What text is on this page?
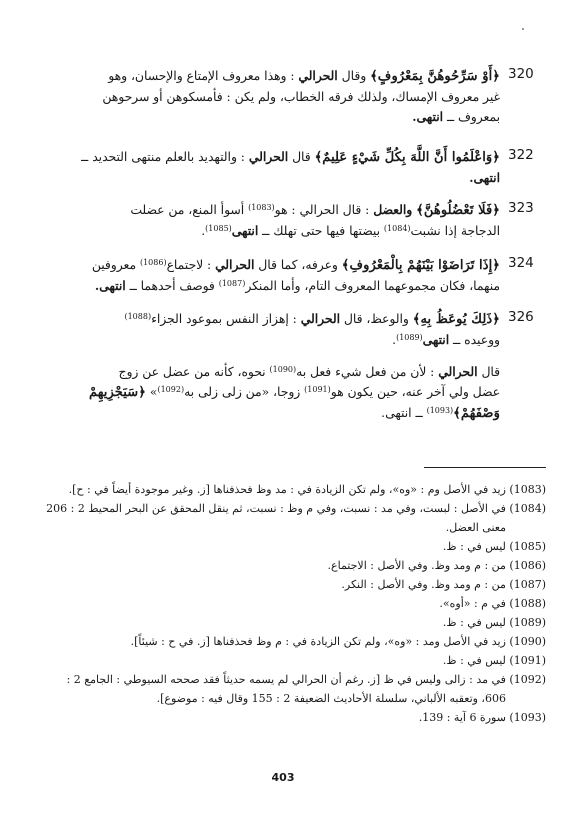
320
﴿أَوْ سَرِّحُوهُنَّ بِمَعْرُوفٍ﴾ وقال الحرالي : وهذا معروف الإمتاع والإحسان، وهو
غير معروف الإمساك، ولذلك فرقه الخطاب، ولم يكن : فأمسكوهن أو سرحوهن
بمعروف ــ انتهى.
322
﴿وَاعْلَمُوا أَنَّ اللَّهَ بِكُلِّ شَيْءٍ عَلِيمٌ﴾ قال الحرالي : والتهديد بالعلم منتهى التحديد ــ
انتهى.
323
﴿فَلَا تَعْضُلُوهُنَّ﴾ والعضل : قال الحرالي : هو$^{(1083)}$ أسوأ المنع، من عضلت
الدجاجة إذا نشبت$^{(1084)}$ بيضتها فيها حتى تهلك ــ انتهى$^{(1085)}$.
324
﴿إِذَا تَرَاضَوْا بَيْنَهُمْ بِالْمَعْرُوفِ﴾ وعرفه، كما قال الحرالي : لاجتماع$^{(1086)}$ معروفين
منهما، فكان مجموعهما المعروف التام، وأما المنكر$^{(1087)}$ فوصف أحدهما ــ انتهى.
326
﴿ذَلِكَ يُوعَظُ بِهِ﴾ والوعظ، قال الحرالي : إهزاز النفس بموعود الجزاء$^{(1088)}$
ووعيده ــ انتهى$^{(1089)}$.
قال الحرالي : لأن من فعل شيء فعل به$^{(1090)}$ نحوه، كأنه من عضل عن زوج
عضل ولي آخر عنه، حين يكون هو$^{(1091)}$ زوجا، «من زلى زلى به$^{(1092)}$» ﴿سَيَجْزِيهِمْ
وَصْفَهُمْ﴾$^{(1093)}$ ــ انتهى.
(1083) زيد في الأصل وم : «وه»، ولم تكن الزيادة في : مد وظ فحذفناها [ز. وغير موجودة أيضاً في : ح].
(1084) في الأصل : لبست، وفي مد : نسبت، وفي م وظ : نسبت، ثم ينقل المحقق عن البحر المحيط 2 : 206
معنى العضل.
(1085) ليس في : ظ.
(1086) من : م ومد وظ. وفي الأصل : الاجتماع.
(1087) من : م ومد وظ. وفي الأصل : النكر.
(1088) في م : «أوه».
(1089) ليس في : ظ.
(1090) زيد في الأصل ومد : «وه»، ولم تكن الزيادة في : م وظ فحذفناها [ز. في ح : شيئاً].
(1091) ليس في : ظ.
(1092) في مد : زالى وليس في ظ [ز. رغم أن الحرالي لم يسمه حديثاً فقد صححه السيوطي : الجامع 2 :
606، وتعقبه الألباني، سلسلة الأحاديث الضعيفة 2 : 155 وقال فيه : موضوع].
(1093) سورة 6 آية : 139.
403
